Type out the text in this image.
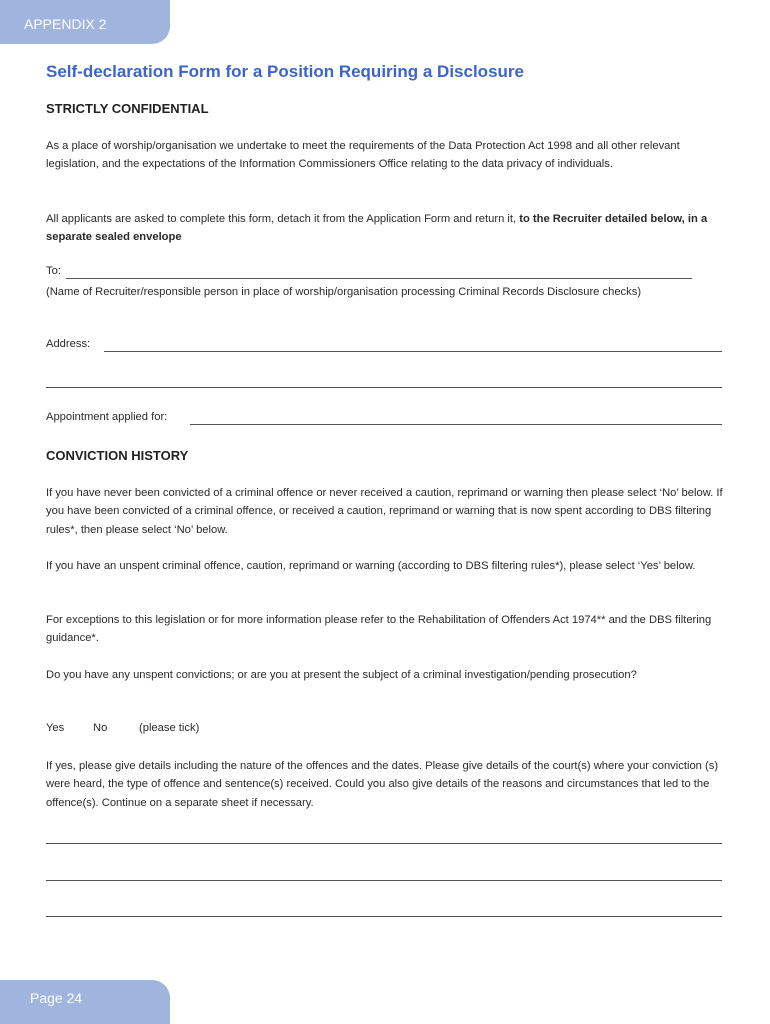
APPENDIX 2
Self-declaration Form for a Position Requiring a Disclosure
STRICTLY CONFIDENTIAL
As a place of worship/organisation we undertake to meet the requirements of the Data Protection Act 1998 and all other relevant legislation, and the expectations of the Information Commissioners Office relating to the data privacy of individuals.
All applicants are asked to complete this form, detach it from the Application Form and return it, to the Recruiter detailed below, in a separate sealed envelope
To:
(Name of Recruiter/responsible person in place of worship/organisation processing Criminal Records Disclosure checks)
Address:
Appointment applied for:
CONVICTION HISTORY
If you have never been convicted of a criminal offence or never received a caution, reprimand or warning then please select ‘No’ below. If you have been convicted of a criminal offence, or received a caution, reprimand or warning that is now spent according to DBS filtering rules*, then please select ‘No’ below.
If you have an unspent criminal offence, caution, reprimand or warning (according to DBS filtering rules*), please select ‘Yes’ below.
For exceptions to this legislation or for more information please refer to the Rehabilitation of Offenders Act 1974** and the DBS filtering guidance*.
Do you have any unspent convictions; or are you at present the subject of a criminal investigation/pending prosecution?
Yes	No	(please tick)
If yes, please give details including the nature of the offences and the dates. Please give details of the court(s) where your conviction (s) were heard, the type of offence and sentence(s) received. Could you also give details of the reasons and circumstances that led to the offence(s). Continue on a separate sheet if necessary.
Page 24
